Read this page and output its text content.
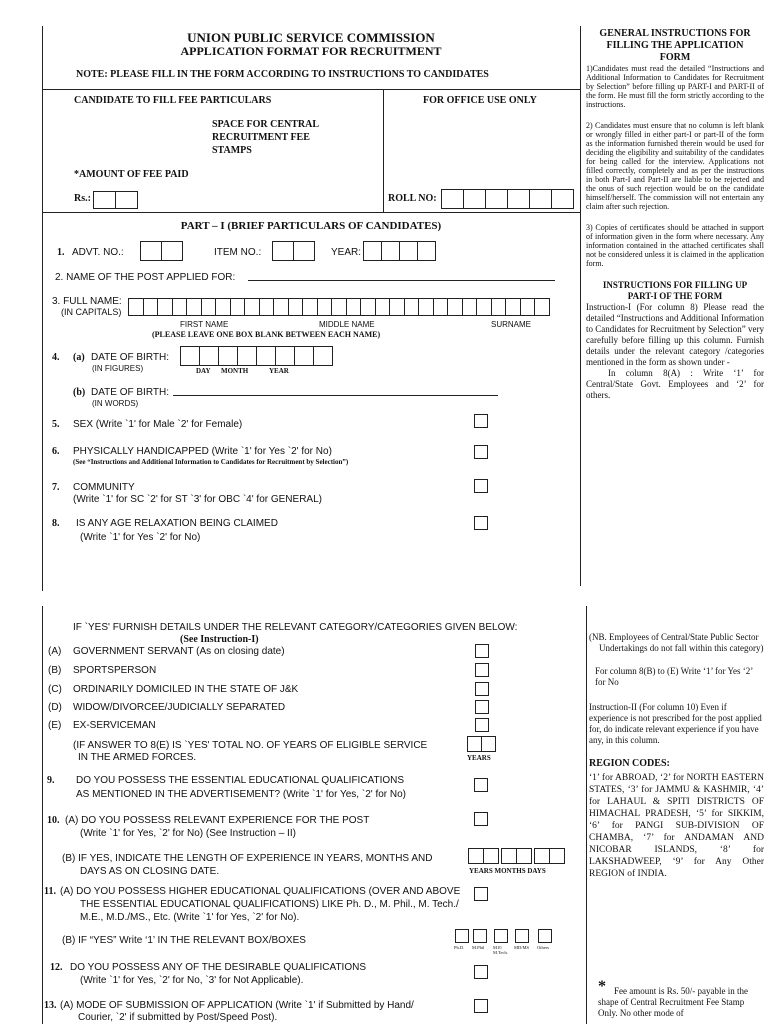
UNION PUBLIC SERVICE COMMISSION
APPLICATION FORMAT FOR RECRUITMENT
NOTE: PLEASE FILL IN THE FORM ACCORDING TO INSTRUCTIONS TO CANDIDATES
CANDIDATE TO FILL FEE PARTICULARS	FOR OFFICE USE ONLY
SPACE FOR CENTRAL
RECRUITMENT FEE
STAMPS
*AMOUNT OF FEE PAID
Rs.:	ROLL NO:
PART – I (BRIEF PARTICULARS OF CANDIDATES)
1. ADVT. NO.:	ITEM NO.:	YEAR:
2. NAME OF THE POST APPLIED FOR:
3. FULL NAME:
(IN CAPITALS)
FIRST NAME	MIDDLE NAME	SURNAME
(PLEASE LEAVE ONE BOX BLANK BETWEEN EACH NAME)
4. (a) DATE OF BIRTH:
(IN FIGURES)	DAY MONTH	YEAR
(b) DATE OF BIRTH:
(IN WORDS)
5. SEX (Write `1' for Male `2' for Female)
6. PHYSICALLY HANDICAPPED (Write `1' for Yes `2' for No)
(See “Instructions and Additional Information to Candidates for Recruitment by Selection”)
7. COMMUNITY
(Write `1' for SC `2' for ST `3' for OBC `4' for GENERAL)
8. IS ANY AGE RELAXATION BEING CLAIMED
(Write `1' for Yes `2' for No)
GENERAL INSTRUCTIONS FOR
FILLING THE APPLICATION
FORM

1)Candidates must read the detailed “Instructions and Additional Information to Candidates for Recruitment by Selection” before filling up PART-I and PART-II of the form. He must fill the form strictly according to the instructions.

2) Candidates must ensure that no column is left blank or wrongly filled in either part-I or part-II of the form as the information furnished therein would be used for deciding the eligibility and suitability of the candidates for being called for the interview. Applications not filled correctly, completely and as per the instructions in both Part-I and Part-II are liable to be rejected and the onus of such rejection would be on the candidate himself/herself. The commission will not entertain any claim after such rejection.

3) Copies of certificates should be attached in support of information given in the form where necessary. Any information contained in the attached certificates shall not be considered unless it is claimed in the application form.

INSTRUCTIONS FOR FILLING UP
PART-I OF THE FORM

Instruction-I (For column 8) Please read the detailed “Instructions and Additional Information to Candidates for Recruitment by Selection” very carefully before filling up this column. Furnish details under the relevant category /categories mentioned in the form as shown under -

In column 8(A) : Write ‘1’ for Central/State Govt. Employees and ‘2’ for others.

IF `YES' FURNISH DETAILS UNDER THE RELEVANT CATEGORY/CATEGORIES GIVEN BELOW:
(See Instruction-I)
(A) GOVERNMENT SERVANT (As on closing date)
(B) SPORTSPERSON
(C) ORDINARILY DOMICILED IN THE STATE OF J&K
(D) WIDOW/DIVORCEE/JUDICIALLY SEPARATED
(E) EX-SERVICEMAN
(IF ANSWER TO 8(E) IS `YES' TOTAL NO. OF YEARS OF ELIGIBLE SERVICE
IN THE ARMED FORCES.	YEARS
9. DO YOU POSSESS THE ESSENTIAL EDUCATIONAL QUALIFICATIONS
AS MENTIONED IN THE ADVERTISEMENT? (Write `1' for Yes, `2' for No)
10. (A) DO YOU POSSESS RELEVANT EXPERIENCE FOR THE POST
(Write `1' for Yes, `2' for No) (See Instruction – II)
(B) IF YES, INDICATE THE LENGTH OF EXPERIENCE IN YEARS, MONTHS AND
DAYS AS ON CLOSING DATE.	YEARS MONTHS DAYS
11. (A) DO YOU POSSESS HIGHER EDUCATIONAL QUALIFICATIONS (OVER AND ABOVE
THE ESSENTIAL EDUCATIONAL QUALIFICATIONS) LIKE Ph. D., M. Phil., M. Tech./
M.E., M.D./MS., Etc. (Write `1' for Yes, `2' for No).
(B) IF “YES” Write ‘1’ IN THE RELEVANT BOX/BOXES
Ph.D.	M.Phil	M.E/ M.Tech.
MD/MS	Others
12. DO YOU POSSESS ANY OF THE DESIRABLE QUALIFICATIONS
(Write `1' for Yes, `2' for No, `3' for Not Applicable).
13. (A) MODE OF SUBMISSION OF APPLICATION (Write `1' if Submitted by Hand/
Courier, `2' if submitted by Post/Speed Post).

(NB. Employees of Central/State Public Sector Undertakings do not fall within this category)

For column 8(B) to (E) Write ‘1’ for Yes ‘2’ for No

Instruction-II (For column 10) Even if experience is not prescribed for the post applied for, do indicate relevant experience if you have any, in this column.

REGION CODES:

‘1’ for ABROAD, ‘2’ for NORTH EASTERN STATES, ‘3’ for JAMMU & KASHMIR, ‘4’ for LAHAUL & SPITI DISTRICTS OF HIMACHAL PRADESH, ‘5’ for SIKKIM, ‘6’ for PANGI SUB-DIVISION OF CHAMBA, ‘7’ for ANDAMAN AND NICOBAR ISLANDS, ‘8’ for LAKSHADWEEP, ‘9’ for Any Other REGION of INDIA.

* Fee amount is Rs. 50/- payable in the shape of Central Recruitment Fee Stamp Only. No other mode of
